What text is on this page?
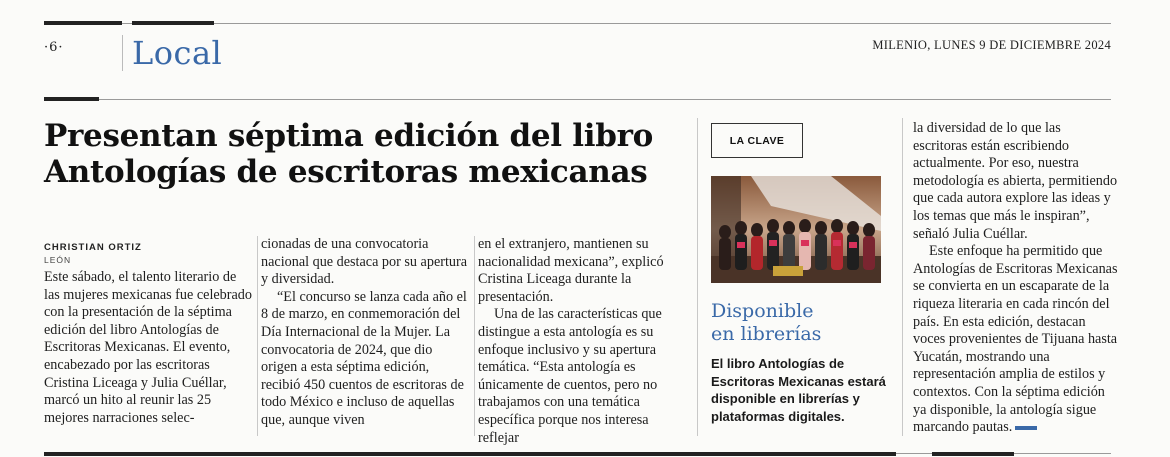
·6· Local	MILENIO, LUNES 9 DE DICIEMBRE 2024
Presentan séptima edición del libro
Antologías de escritoras mexicanas
CHRISTIAN ORTIZ
LEÓN

Este sábado, el talento literario de las mujeres mexicanas fue celebrado con la presentación de la séptima edición del libro Antologías de Escritoras Mexicanas. El evento, encabezado por las escritoras Cristina Liceaga y Julia Cuéllar, marcó un hito al reunir las 25 mejores narraciones selec-

cionadas de una convocatoria nacional que destaca por su apertura y diversidad.

“El concurso se lanza cada año el 8 de marzo, en conmemoración del Día Internacional de la Mujer. La convocatoria de 2024, que dio origen a esta séptima edición, recibió 450 cuentos de escritoras de todo México e incluso de aquellas que, aunque viven

en el extranjero, mantienen su nacionalidad mexicana”, explicó Cristina Liceaga durante la presentación.

Una de las características que distingue a esta antología es su enfoque inclusivo y su apertura temática. “Esta antología es únicamente de cuentos, pero no trabajamos con una temática específica porque nos interesa reflejar

la diversidad de lo que las escritoras están escribiendo actualmente. Por eso, nuestra metodología es abierta, permitiendo que cada autora explore las ideas y los temas que más le inspiran”, señaló Julia Cuéllar.

Este enfoque ha permitido que Antologías de Escritoras Mexicanas se convierta en un escaparate de la riqueza literaria en cada rincón del país. En esta edición, destacan voces provenientes de Tijuana hasta Yucatán, mostrando una representación amplia de estilos y contextos. Con la séptima edición ya disponible, la antología sigue marcando pautas.

LA CLAVE
Disponible
en librerías
El libro Antologías de Escritoras Mexicanas estará disponible en librerías y plataformas digitales.
